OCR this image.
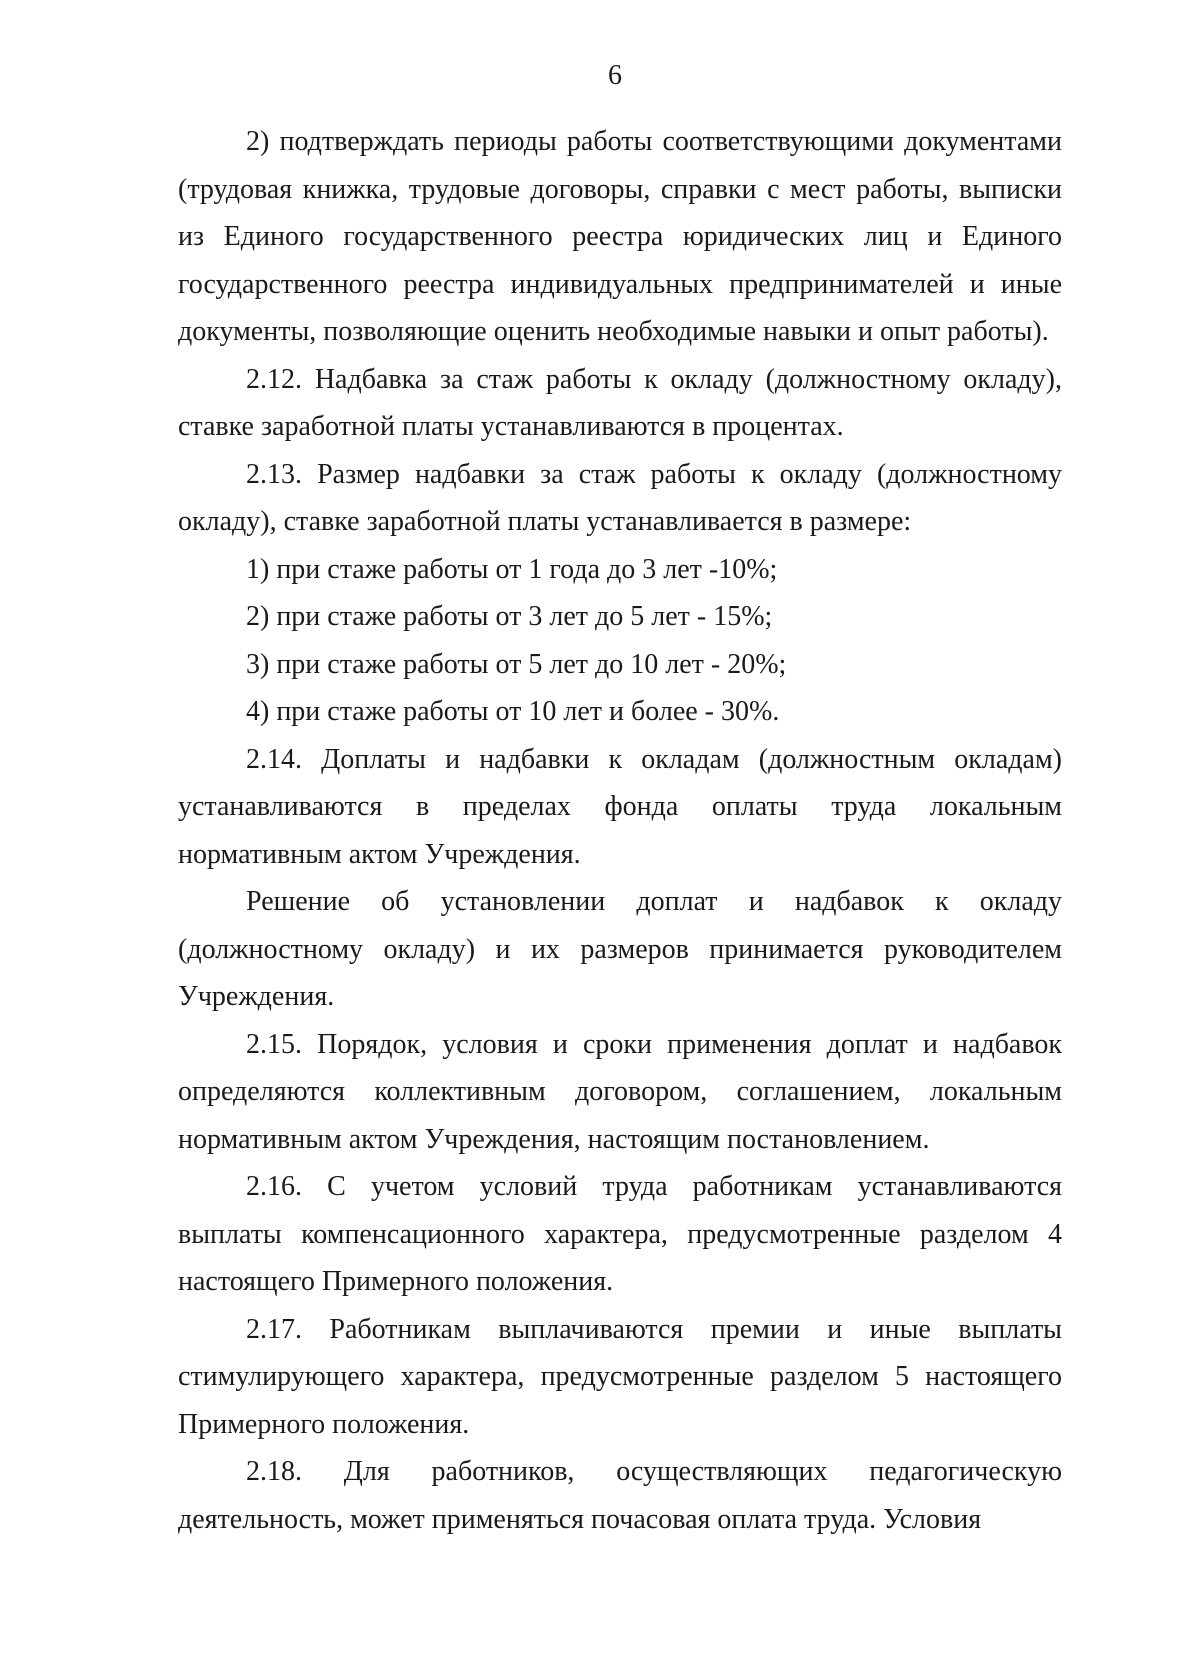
6

2) подтверждать периоды работы соответствующими документами (трудовая книжка, трудовые договоры, справки с мест работы, выписки из Единого государственного реестра юридических лиц и Единого государственного реестра индивидуальных предпринимателей и иные документы, позволяющие оценить необходимые навыки и опыт работы).

2.12. Надбавка за стаж работы к окладу (должностному окладу), ставке заработной платы устанавливаются в процентах.

2.13. Размер надбавки за стаж работы к окладу (должностному окладу), ставке заработной платы устанавливается в размере:

1) при стаже работы от 1 года до 3 лет -10%;

2) при стаже работы от 3 лет до 5 лет - 15%;

3) при стаже работы от 5 лет до 10 лет - 20%;

4) при стаже работы от 10 лет и более - 30%.

2.14. Доплаты и надбавки к окладам (должностным окладам) устанавливаются в пределах фонда оплаты труда локальным нормативным актом Учреждения.

Решение об установлении доплат и надбавок к окладу (должностному окладу) и их размеров принимается руководителем Учреждения.

2.15. Порядок, условия и сроки применения доплат и надбавок определяются коллективным договором, соглашением, локальным нормативным актом Учреждения, настоящим постановлением.

2.16. С учетом условий труда работникам устанавливаются выплаты компенсационного характера, предусмотренные разделом 4 настоящего Примерного положения.

2.17. Работникам выплачиваются премии и иные выплаты стимулирующего характера, предусмотренные разделом 5 настоящего Примерного положения.

2.18. Для работников, осуществляющих педагогическую деятельность, может применяться почасовая оплата труда. Условия
